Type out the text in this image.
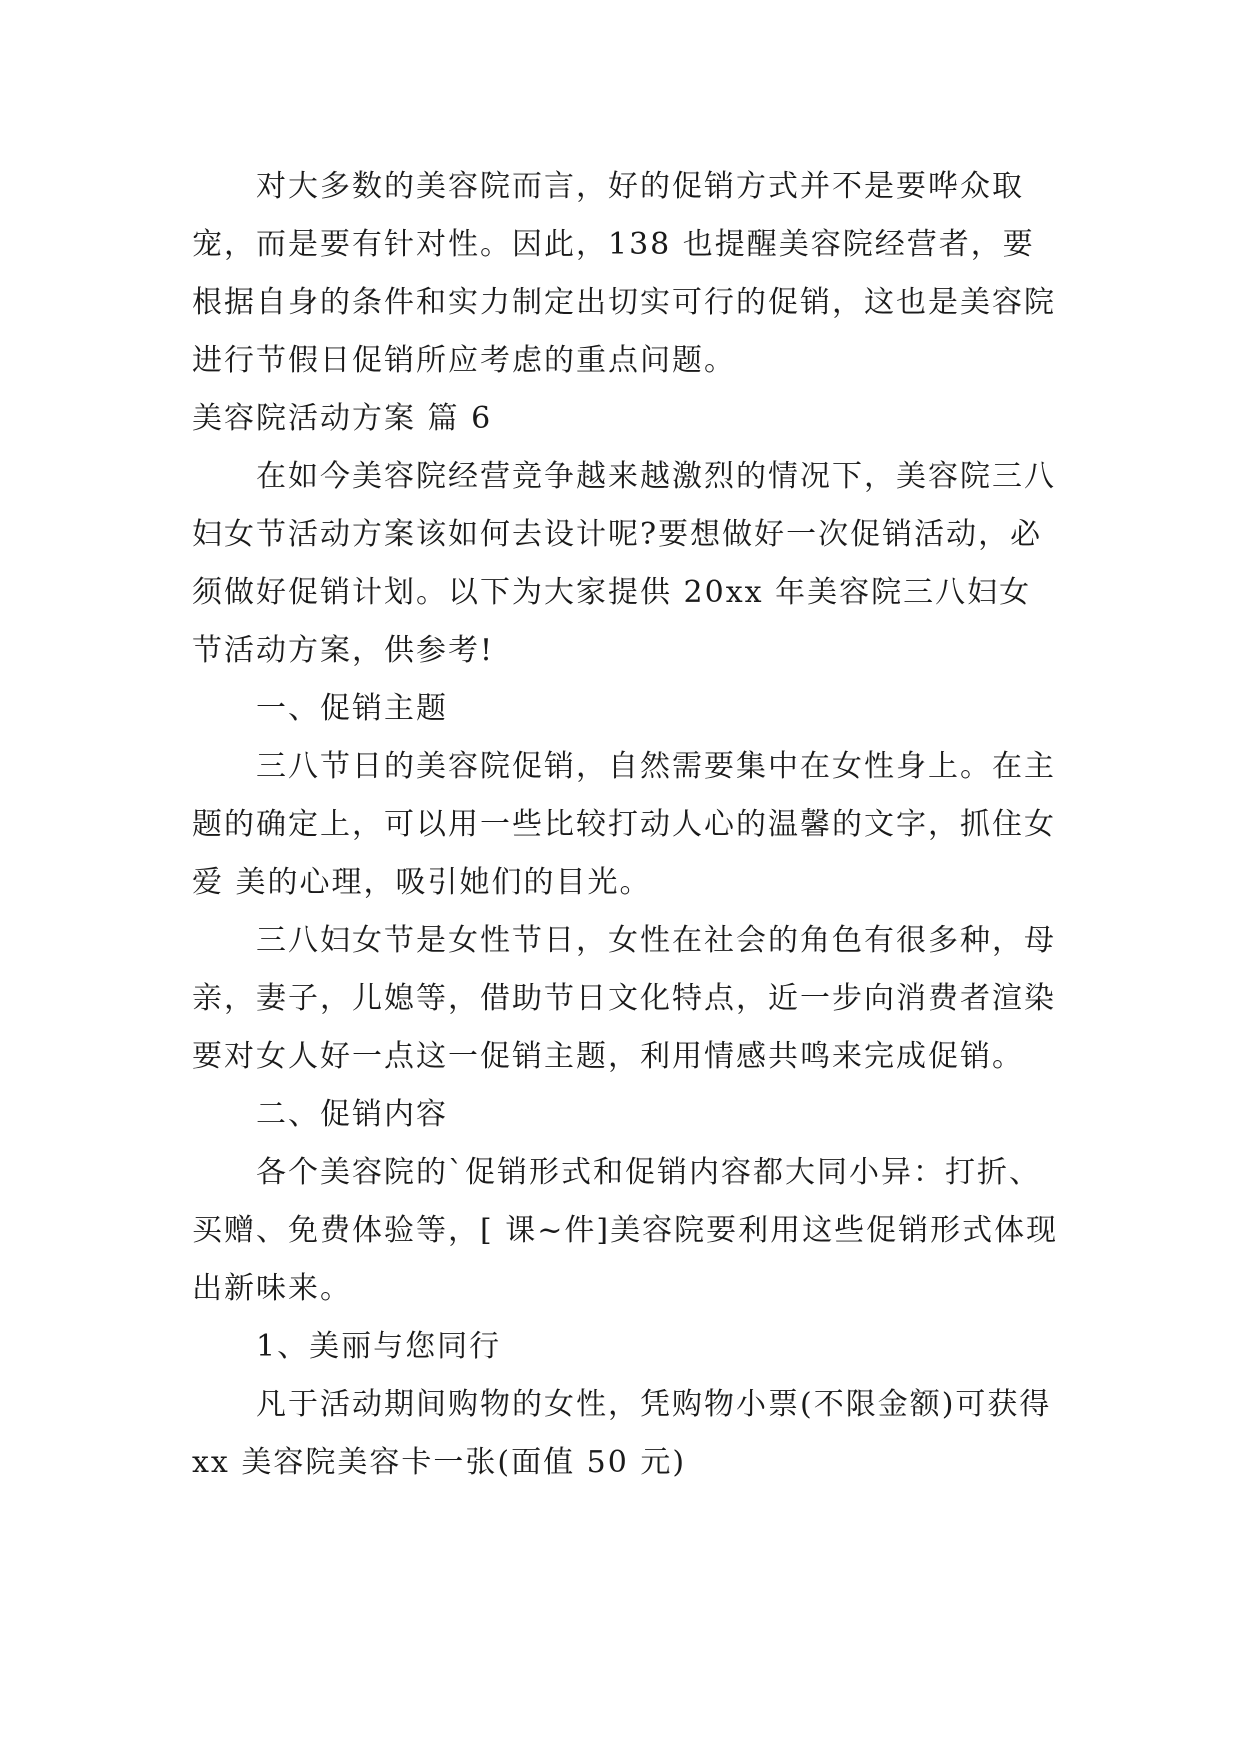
对大多数的美容院而言，好的促销方式并不是要哗众取宠，而是要有针对性。因此，138 也提醒美容院经营者，要根据自身的条件和实力制定出切实可行的促销，这也是美容院进行节假日促销所应考虑的重点问题。

美容院活动方案 篇 6

在如今美容院经营竞争越来越激烈的情况下，美容院三八妇女节活动方案该如何去设计呢?要想做好一次促销活动，必须做好促销计划。以下为大家提供 20xx 年美容院三八妇女节活动方案，供参考!

一、促销主题

三八节日的美容院促销，自然需要集中在女性身上。在主题的确定上，可以用一些比较打动人心的温馨的文字，抓住女爱 美的心理，吸引她们的目光。

三八妇女节是女性节日，女性在社会的角色有很多种，母亲，妻子，儿媳等，借助节日文化特点，近一步向消费者渲染要对女人好一点这一促销主题，利用情感共鸣来完成促销。

二、促销内容

各个美容院的`促销形式和促销内容都大同小异：打折、买赠、免费体验等，[ 课~件]美容院要利用这些促销形式体现出新味来。

1、美丽与您同行

凡于活动期间购物的女性，凭购物小票(不限金额)可获得 xx 美容院美容卡一张(面值 50 元)
